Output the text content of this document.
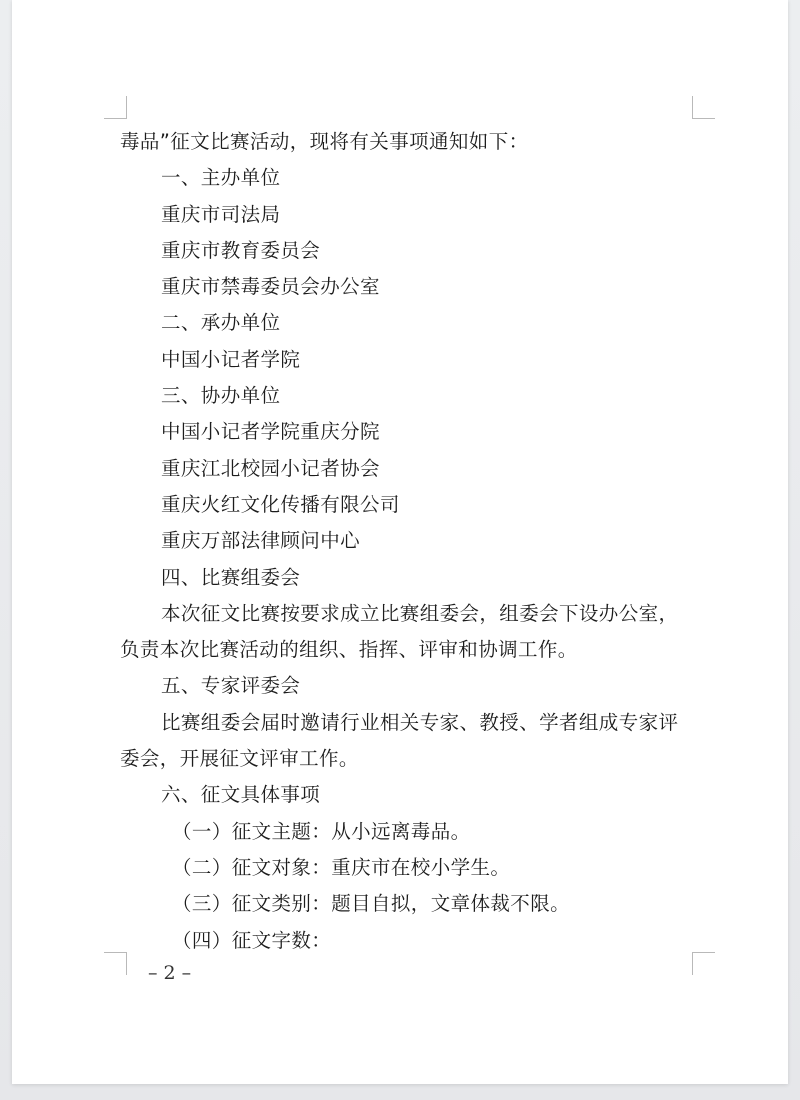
毒品”征文比赛活动，现将有关事项通知如下：
一、主办单位
重庆市司法局
重庆市教育委员会
重庆市禁毒委员会办公室
二、承办单位
中国小记者学院
三、协办单位
中国小记者学院重庆分院
重庆江北校园小记者协会
重庆火红文化传播有限公司
重庆万部法律顾问中心
四、比赛组委会
本次征文比赛按要求成立比赛组委会，组委会下设办公室，
负责本次比赛活动的组织、指挥、评审和协调工作。
五、专家评委会
比赛组委会届时邀请行业相关专家、教授、学者组成专家评
委会，开展征文评审工作。
六、征文具体事项
（一）征文主题：从小远离毒品。
（二）征文对象：重庆市在校小学生。
（三）征文类别：题目自拟，文章体裁不限。
（四）征文字数：
– 2 –
